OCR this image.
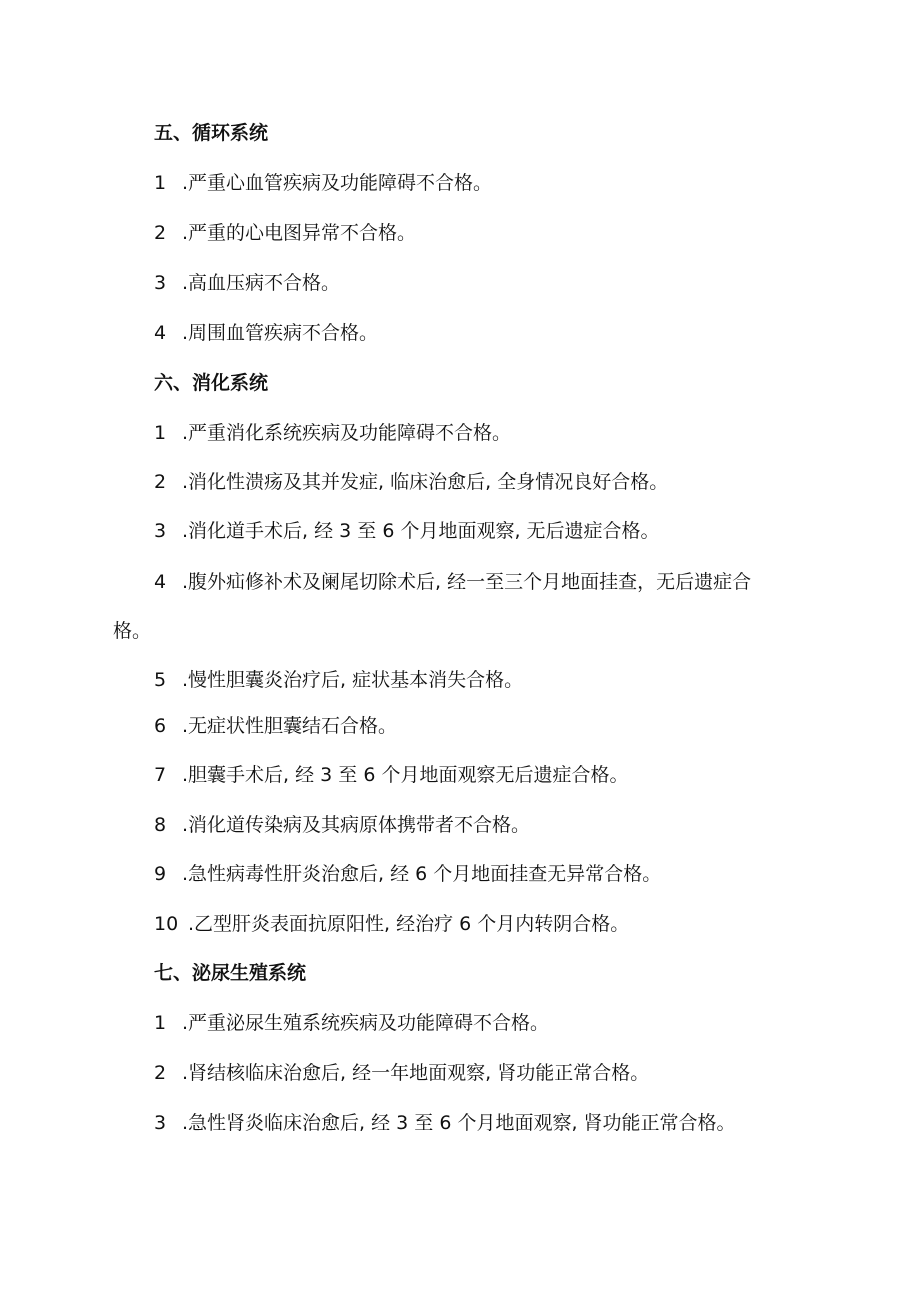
五、循环系统
1 .严重心血管疾病及功能障碍不合格。
2 .严重的心电图异常不合格。
3 .高血压病不合格。
4 .周围血管疾病不合格。
六、消化系统
1 .严重消化系统疾病及功能障碍不合格。
2 .消化性溃疡及其并发症, 临床治愈后, 全身情况良好合格。
3 .消化道手术后, 经 3 至 6 个月地面观察, 无后遗症合格。
4 .腹外疝修补术及阑尾切除术后, 经一至三个月地面挂查，无后遗症合
格。
5 .慢性胆囊炎治疗后, 症状基本消失合格。
6 .无症状性胆囊结石合格。
7 .胆囊手术后, 经 3 至 6 个月地面观察无后遗症合格。
8 .消化道传染病及其病原体携带者不合格。
9 .急性病毒性肝炎治愈后, 经 6 个月地面挂查无异常合格。
10 .乙型肝炎表面抗原阳性, 经治疗 6 个月内转阴合格。
七、泌尿生殖系统
1 .严重泌尿生殖系统疾病及功能障碍不合格。
2 .肾结核临床治愈后, 经一年地面观察, 肾功能正常合格。
3 .急性肾炎临床治愈后, 经 3 至 6 个月地面观察, 肾功能正常合格。
